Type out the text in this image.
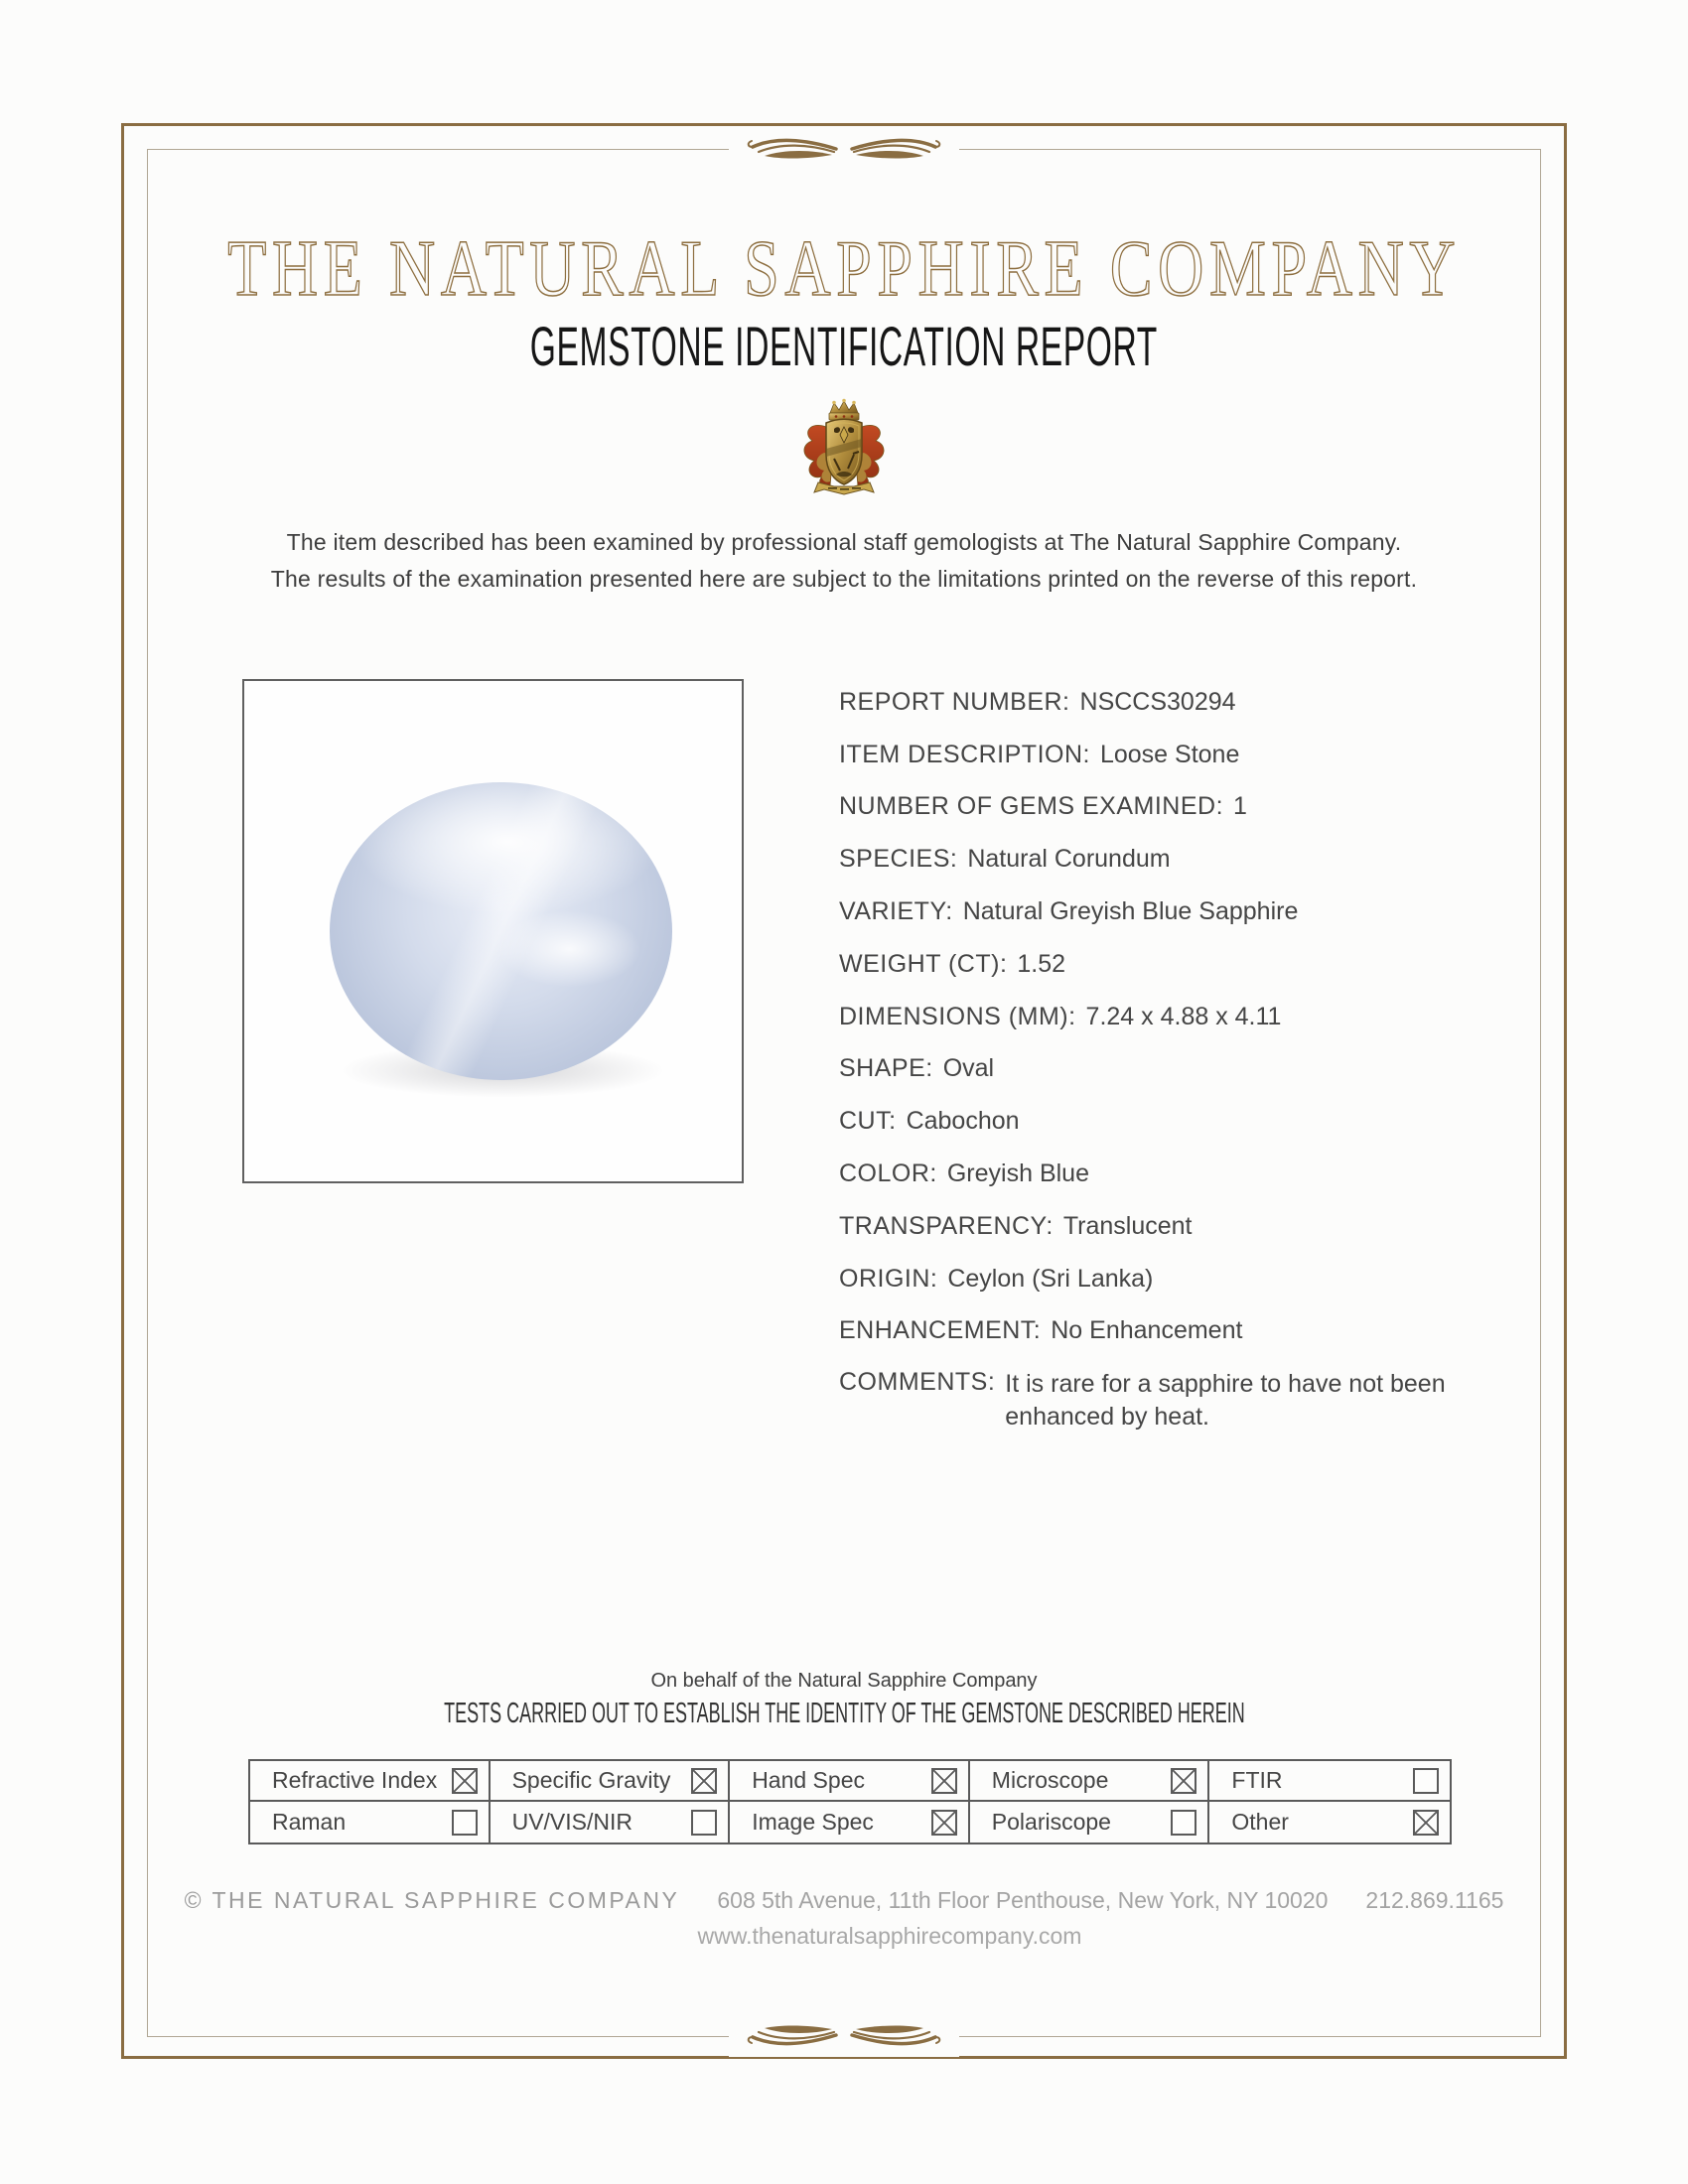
THE NATURAL SAPPHIRE COMPANY
GEMSTONE IDENTIFICATION REPORT
The item described has been examined by professional staff gemologists at The Natural Sapphire Company.
The results of the examination presented here are subject to the limitations printed on the reverse of this report.
REPORT NUMBER: NSCCS30294
ITEM DESCRIPTION: Loose Stone
NUMBER OF GEMS EXAMINED: 1
SPECIES: Natural Corundum
VARIETY: Natural Greyish Blue Sapphire
WEIGHT (CT): 1.52
DIMENSIONS (MM): 7.24 x 4.88 x 4.11
SHAPE: Oval
CUT: Cabochon
COLOR: Greyish Blue
TRANSPARENCY: Translucent
ORIGIN: Ceylon (Sri Lanka)
ENHANCEMENT: No Enhancement
COMMENTS: It is rare for a sapphire to have not been enhanced by heat.
On behalf of the Natural Sapphire Company
TESTS CARRIED OUT TO ESTABLISH THE IDENTITY OF THE GEMSTONE DESCRIBED HEREIN
Refractive Index	Specific Gravity	Hand Spec	Microscope	FTIR
Raman	UV/VIS/NIR	Image Spec	Polariscope	Other
© THE NATURAL SAPPHIRE COMPANY 608 5th Avenue, 11th Floor Penthouse, New York, NY 10020 212.869.1165
www.thenaturalsapphirecompany.com
